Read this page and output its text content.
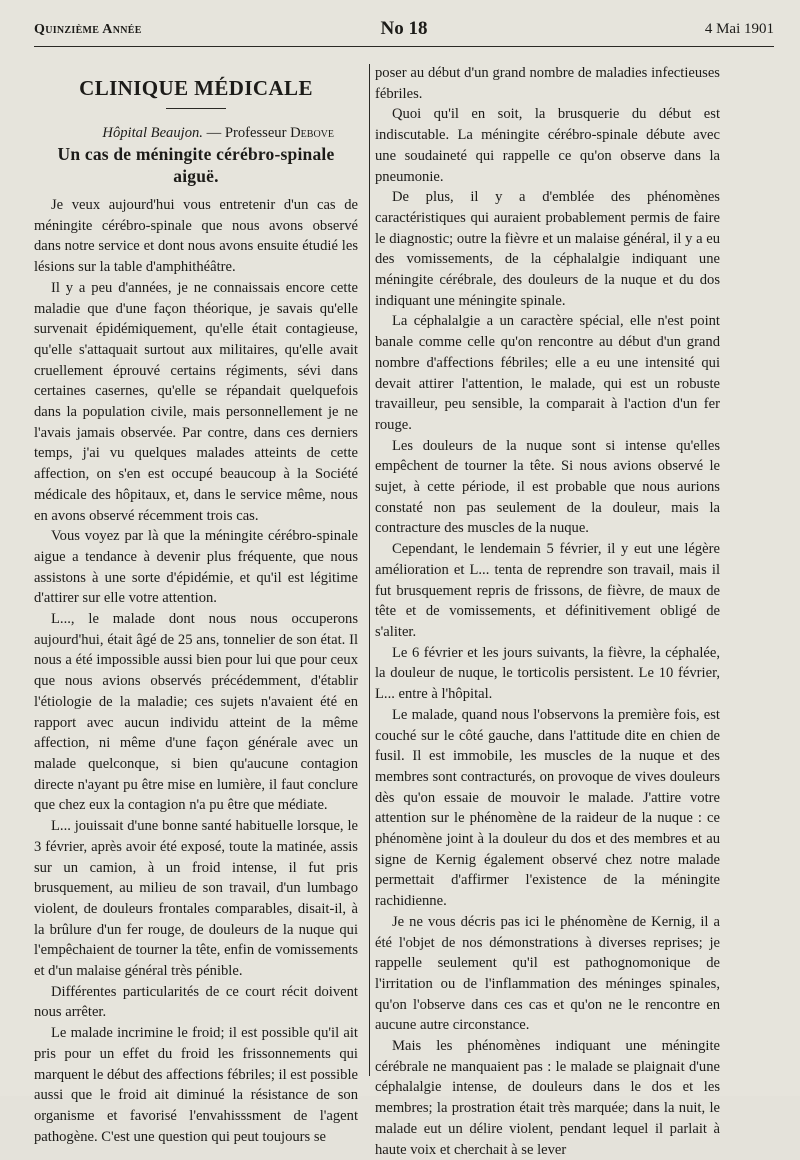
Quinzième Année	No 18	4 Mai 1901
CLINIQUE MÉDICALE
Hôpital Beaujon. — Professeur Debove
Un cas de méningite cérébro-spinale aiguë.

Je veux aujourd'hui vous entretenir d'un cas de méningite cérébro-spinale que nous avons observé dans notre service et dont nous avons ensuite étudié les lésions sur la table d'amphithéâtre.

Il y a peu d'années, je ne connaissais encore cette maladie que d'une façon théorique, je savais qu'elle survenait épidémiquement, qu'elle était contagieuse, qu'elle s'attaquait surtout aux militaires, qu'elle avait cruellement éprouvé certains régiments, sévi dans certaines casernes, qu'elle se répandait quelquefois dans la population civile, mais personnellement je ne l'avais jamais observée. Par contre, dans ces derniers temps, j'ai vu quelques malades atteints de cette affection, on s'en est occupé beaucoup à la Société médicale des hôpitaux, et, dans le service même, nous en avons observé récemment trois cas.

Vous voyez par là que la méningite cérébro-spinale aigue a tendance à devenir plus fréquente, que nous assistons à une sorte d'épidémie, et qu'il est légitime d'attirer sur elle votre attention.

L..., le malade dont nous nous occuperons aujourd'hui, était âgé de 25 ans, tonnelier de son état. Il nous a été impossible aussi bien pour lui que pour ceux que nous avions observés précédemment, d'établir l'étiologie de la maladie; ces sujets n'avaient été en rapport avec aucun individu atteint de la même affection, ni même d'une façon générale avec un malade quelconque, si bien qu'aucune contagion directe n'ayant pu être mise en lumière, il faut conclure que chez eux la contagion n'a pu être que médiate.

L... jouissait d'une bonne santé habituelle lorsque, le 3 février, après avoir été exposé, toute la matinée, assis sur un camion, à un froid intense, il fut pris brusquement, au milieu de son travail, d'un lumbago violent, de douleurs frontales comparables, disait-il, à la brûlure d'un fer rouge, de douleurs de la nuque qui l'empêchaient de tourner la tête, enfin de vomissements et d'un malaise général très pénible.

Différentes particularités de ce court récit doivent nous arrêter.

Le malade incrimine le froid; il est possible qu'il ait pris pour un effet du froid les frissonnements qui marquent le début des affections fébriles; il est possible aussi que le froid ait diminué la résistance de son organisme et favorisé l'envahisssment de l'agent pathogène. C'est une question qui peut toujours se

poser au début d'un grand nombre de maladies infectieuses fébriles.

Quoi qu'il en soit, la brusquerie du début est indiscutable. La méningite cérébro-spinale débute avec une soudaineté qui rappelle ce qu'on observe dans la pneumonie.

De plus, il y a d'emblée des phénomènes caractéristiques qui auraient probablement permis de faire le diagnostic; outre la fièvre et un malaise général, il y a eu des vomissements, de la céphalalgie indiquant une méningite cérébrale, des douleurs de la nuque et du dos indiquant une méningite spinale.

La céphalalgie a un caractère spécial, elle n'est point banale comme celle qu'on rencontre au début d'un grand nombre d'affections fébriles; elle a eu une intensité qui devait attirer l'attention, le malade, qui est un robuste travailleur, peu sensible, la comparait à l'action d'un fer rouge.

Les douleurs de la nuque sont si intense qu'elles empêchent de tourner la tête. Si nous avions observé le sujet, à cette période, il est probable que nous aurions constaté non pas seulement de la douleur, mais la contracture des muscles de la nuque.

Cependant, le lendemain 5 février, il y eut une légère amélioration et L... tenta de reprendre son travail, mais il fut brusquement repris de frissons, de fièvre, de maux de tête et de vomissements, et définitivement obligé de s'aliter.

Le 6 février et les jours suivants, la fièvre, la céphalée, la douleur de nuque, le torticolis persistent. Le 10 février, L... entre à l'hôpital.

Le malade, quand nous l'observons la première fois, est couché sur le côté gauche, dans l'attitude dite en chien de fusil. Il est immobile, les muscles de la nuque et des membres sont contracturés, on provoque de vives douleurs dès qu'on essaie de mouvoir le malade. J'attire votre attention sur le phénomène de la raideur de la nuque : ce phénomène joint à la douleur du dos et des membres et au signe de Kernig également observé chez notre malade permettait d'affirmer l'existence de la méningite rachidienne.

Je ne vous décris pas ici le phénomène de Kernig, il a été l'objet de nos démonstrations à diverses reprises; je rappelle seulement qu'il est pathognomonique de l'irritation ou de l'inflammation des méninges spinales, qu'on l'observe dans ces cas et qu'on ne le rencontre en aucune autre circonstance.

Mais les phénomènes indiquant une méningite cérébrale ne manquaient pas : le malade se plaignait d'une céphalalgie intense, de douleurs dans le dos et les membres; la prostration était très marquée; dans la nuit, le malade eut un délire violent, pendant lequel il parlait à haute voix et cherchait à se lever
